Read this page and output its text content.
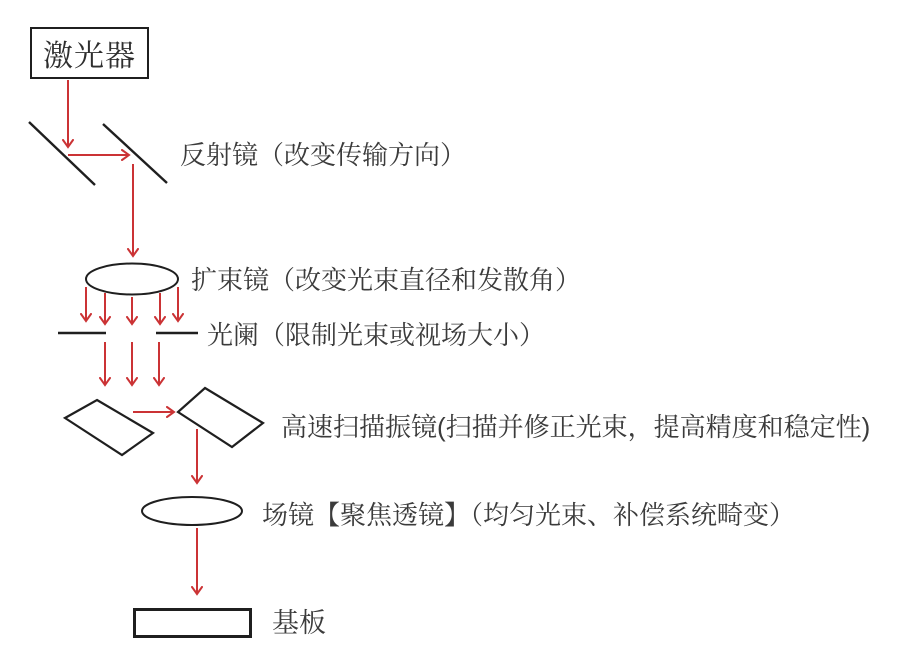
激光器
反射镜（改变传输方向）
扩束镜（改变光束直径和发散角）
光阑（限制光束或视场大小）
高速扫描振镜(扫描并修正光束，提高精度和稳定性)
场镜【聚焦透镜】（均匀光束、补偿系统畸变）
基板
